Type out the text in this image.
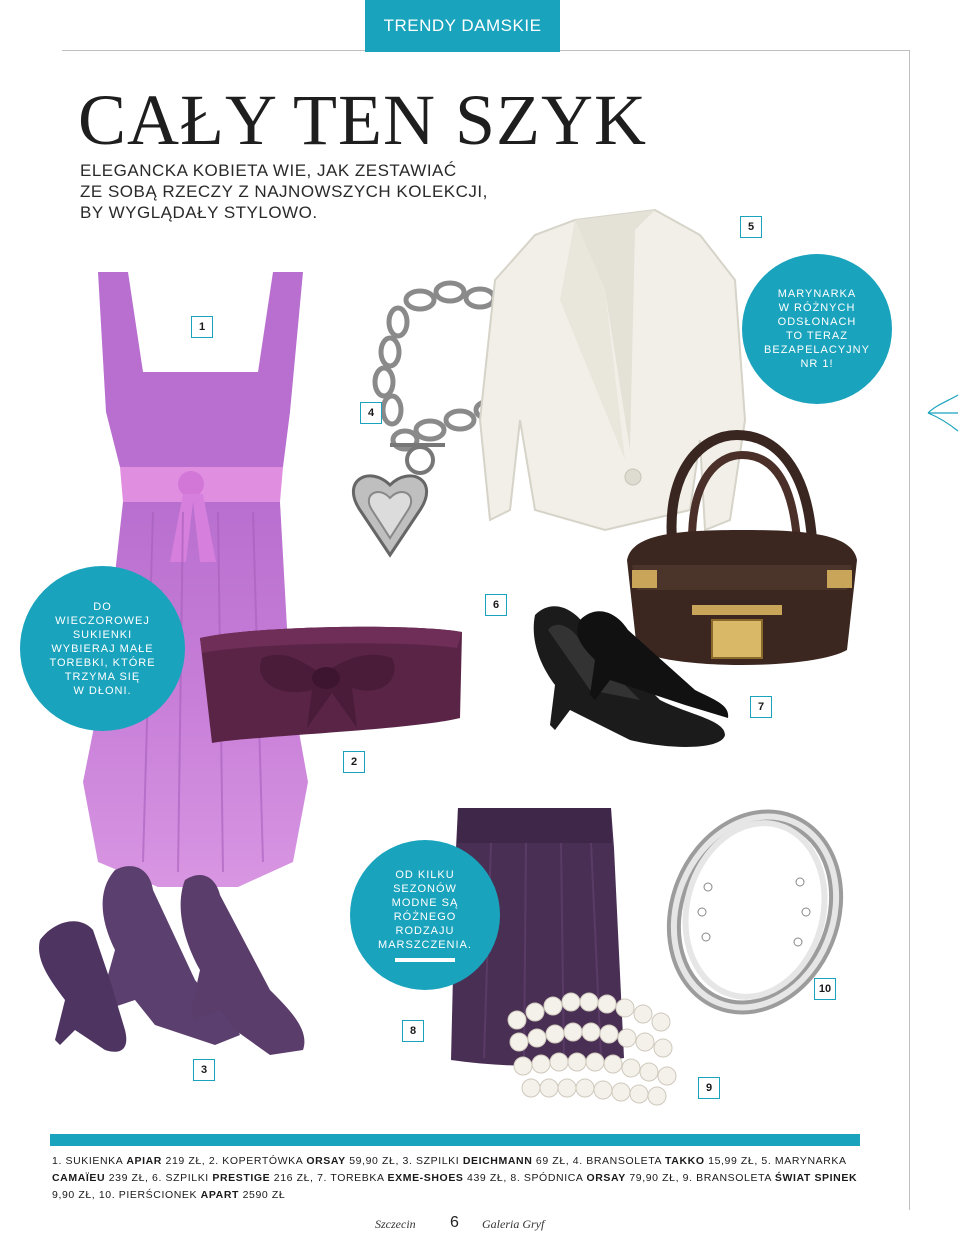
TRENDY DAMSKIE
CAŁY TEN SZYK
ELEGANCKA KOBIETA WIE, JAK ZESTAWIAĆ
ZE SOBĄ RZECZY Z NAJNOWSZYCH KOLEKCJI,
BY WYGLĄDAŁY STYLOWO.
1
2
3
4
5
6
7
8
9
10
MARYNARKA
W RÓŻNYCH
ODSŁONACH
TO TERAZ
BEZAPELACYJNY
NR 1!
DO
WIECZOROWEJ
SUKIENKI
WYBIERAJ MAŁE
TOREBKI, KTÓRE
TRZYMA SIĘ
W DŁONI.
OD KILKU
SEZONÓW
MODNE SĄ
RÓŻNEGO
RODZAJU
MARSZCZENIA.
1. SUKIENKA APIAR 219 ZŁ, 2. KOPERTÓWKA ORSAY 59,90 ZŁ, 3. SZPILKI DEICHMANN 69 ZŁ, 4. BRANSOLETA TAKKO 15,99 ZŁ, 5. MARYNARKA CAMAÏEU 239 ZŁ, 6. SZPILKI PRESTIGE 216 ZŁ, 7. TOREBKA EXME-SHOES 439 ZŁ, 8. SPÓDNICA ORSAY 79,90 ZŁ, 9. BRANSOLETA ŚWIAT SPINEK 9,90 ZŁ, 10. PIERŚCIONEK APART 2590 ZŁ
Szczecin 6 Galeria Gryf
